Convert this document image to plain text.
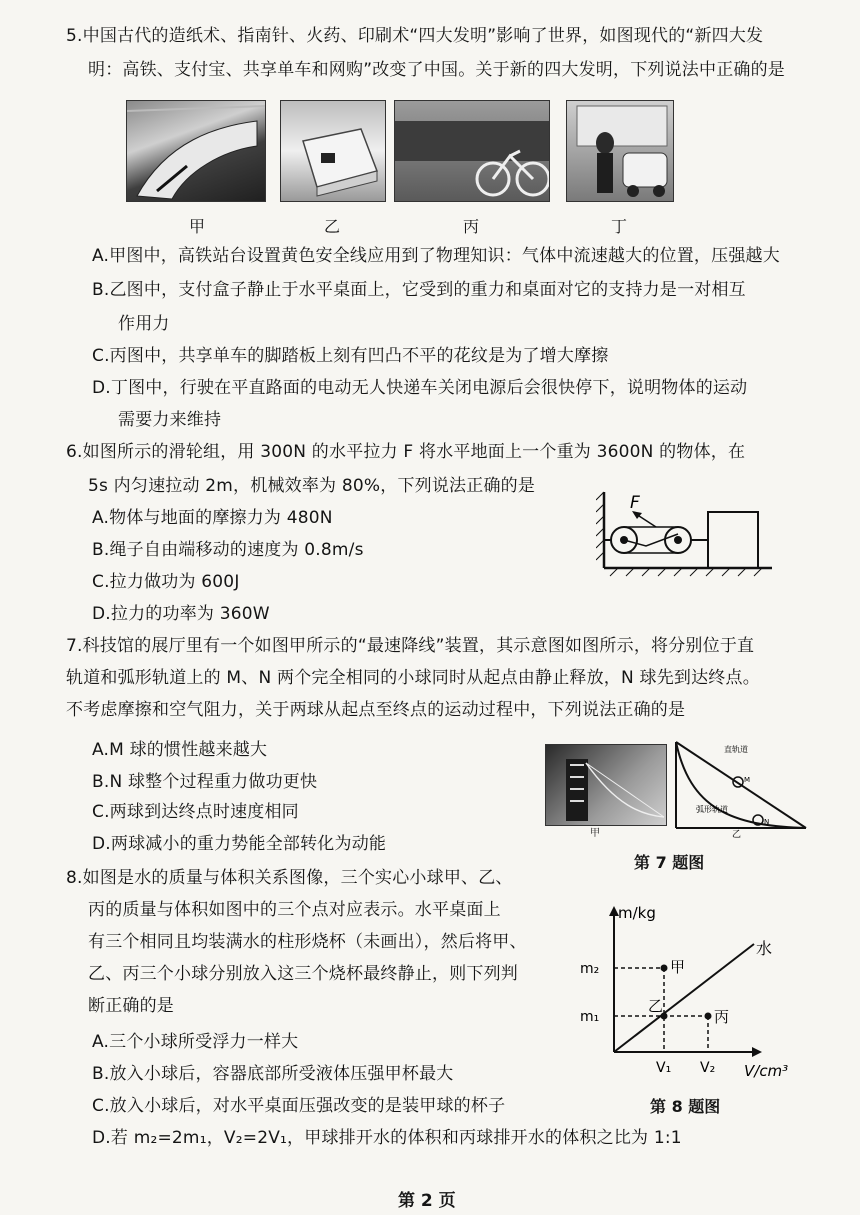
5.中国古代的造纸术、指南针、火药、印刷术“四大发明”影响了世界，如图现代的“新四大发
明：高铁、支付宝、共享单车和网购”改变了中国。关于新的四大发明，下列说法中正确的是
甲	乙	丙	丁
A.甲图中，高铁站台设置黄色安全线应用到了物理知识：气体中流速越大的位置，压强越大
B.乙图中，支付盒子静止于水平桌面上，它受到的重力和桌面对它的支持力是一对相互
作用力
C.丙图中，共享单车的脚踏板上刻有凹凸不平的花纹是为了增大摩擦
D.丁图中，行驶在平直路面的电动无人快递车关闭电源后会很快停下，说明物体的运动
需要力来维持
6.如图所示的滑轮组，用 300N 的水平拉力 F 将水平地面上一个重为 3600N 的物体，在
5s 内匀速拉动 2m，机械效率为 80%，下列说法正确的是
A.物体与地面的摩擦力为 480N
B.绳子自由端移动的速度为 0.8m/s
C.拉力做功为 600J
D.拉力的功率为 360W
F
7.科技馆的展厅里有一个如图甲所示的“最速降线”装置，其示意图如图所示，将分别位于直
轨道和弧形轨道上的 M、N 两个完全相同的小球同时从起点由静止释放，N 球先到达终点。
不考虑摩擦和空气阻力，关于两球从起点至终点的运动过程中，下列说法正确的是
A.M 球的惯性越来越大
B.N 球整个过程重力做功更快
C.两球到达终点时速度相同
D.两球减小的重力势能全部转化为动能
甲
直轨道
M
弧形轨道
N
乙
第 7 题图
8.如图是水的质量与体积关系图像，三个实心小球甲、乙、
丙的质量与体积如图中的三个点对应表示。水平桌面上
有三个相同且均装满水的柱形烧杯（未画出），然后将甲、
乙、丙三个小球分别放入这三个烧杯最终静止，则下列判
断正确的是
A.三个小球所受浮力一样大
B.放入小球后，容器底部所受液体压强甲杯最大
C.放入小球后，对水平桌面压强改变的是装甲球的杯子
D.若 m₂=2m₁，V₂=2V₁，甲球排开水的体积和丙球排开水的体积之比为 1:1
m/kg
V/cm³
m₂
m₁
V₁ V₂
水
甲
乙
丙
第 8 题图
第 2 页
